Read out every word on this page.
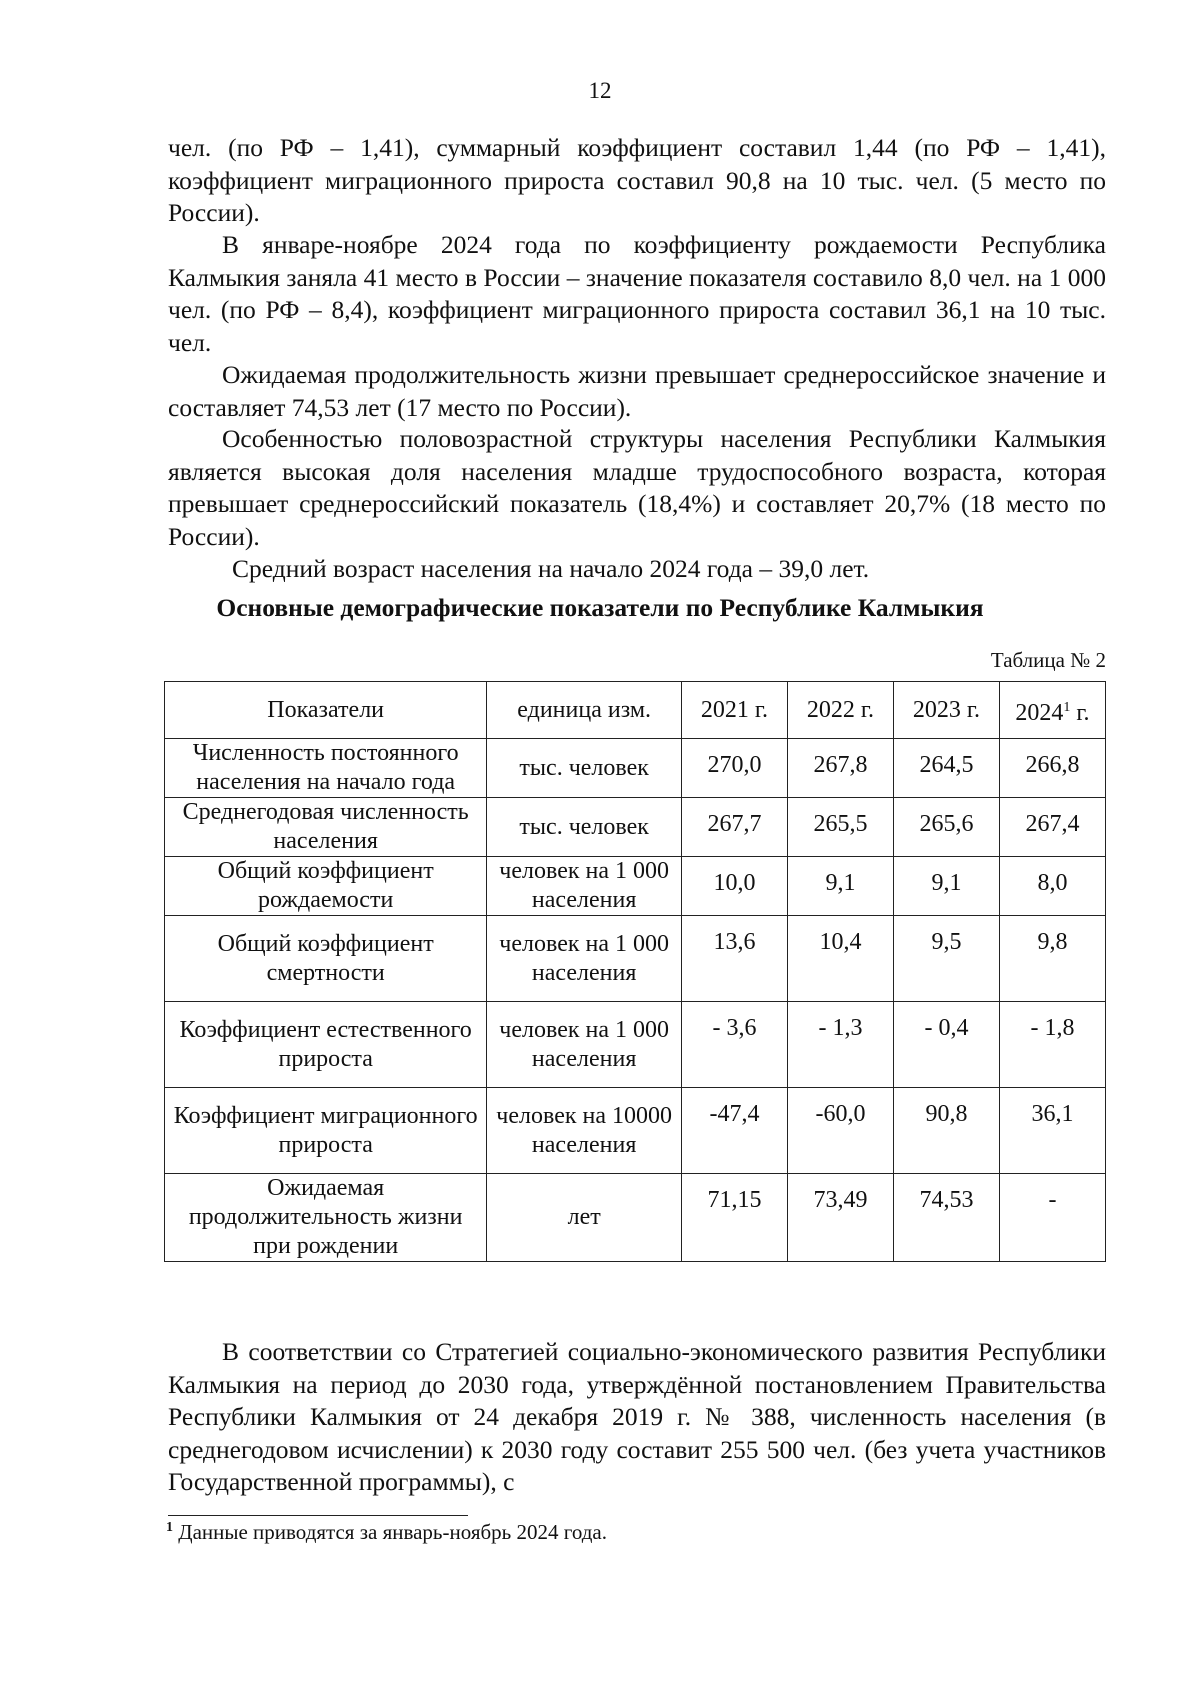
12

чел. (по РФ – 1,41), суммарный коэффициент составил 1,44 (по РФ – 1,41), коэффициент миграционного прироста составил 90,8 на 10 тыс. чел. (5 место по России).

В январе-ноябре 2024 года по коэффициенту рождаемости Республика Калмыкия заняла 41 место в России – значение показателя составило 8,0 чел. на 1 000 чел. (по РФ – 8,4), коэффициент миграционного прироста составил 36,1 на 10 тыс. чел.

Ожидаемая продолжительность жизни превышает среднероссийское значение и составляет 74,53 лет (17 место по России).

Особенностью половозрастной структуры населения Республики Калмыкия является высокая доля населения младше трудоспособного возраста, которая превышает среднероссийский показатель (18,4%) и составляет 20,7% (18 место по России).

Средний возраст населения на начало 2024 года – 39,0 лет.

Основные демографические показатели по Республике Калмыкия
Таблица № 2
Показатели	единица изм.	2021 г.	2022 г.	2023 г.	2024$^1$ г.
Численность постоянного населения на начало года	тыс. человек	270,0	267,8	264,5	266,8
Среднегодовая численность населения	тыс. человек	267,7	265,5	265,6	267,4
Общий коэффициент рождаемости	человек на 1 000 населения	10,0	9,1	9,1	8,0
Общий коэффициент смертности	человек на 1 000 населения	13,6	10,4	9,5	9,8
Коэффициент естественного прироста	человек на 1 000 населения	- 3,6	- 1,3	- 0,4	- 1,8
Коэффициент миграционного прироста	человек на 10000 населения	-47,4	-60,0	90,8	36,1
Ожидаемая продолжительность жизни при рождении	лет	71,15	73,49	74,53	-

В соответствии со Стратегией социально-экономического развития Республики Калмыкия на период до 2030 года, утверждённой постановлением Правительства Республики Калмыкия от 24 декабря 2019 г. № 388, численность населения (в среднегодовом исчислении) к 2030 году составит 255 500 чел. (без учета участников Государственной программы), с

$^1$ Данные приводятся за январь-ноябрь 2024 года.
